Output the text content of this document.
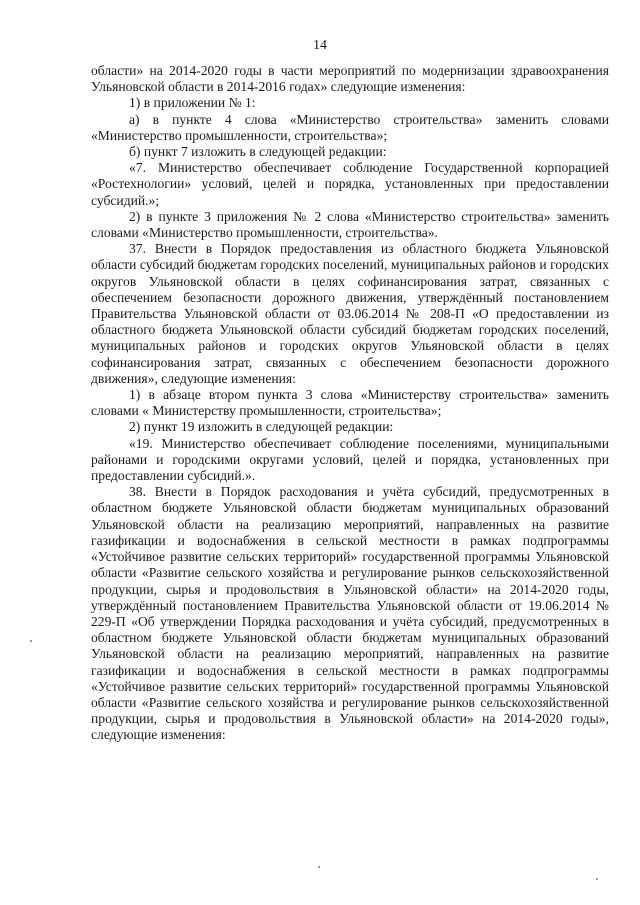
14

области» на 2014-2020 годы в части мероприятий по модернизации здравоохранения Ульяновской области в 2014-2016 годах» следующие изменения:

1) в приложении № 1:

а) в пункте 4 слова «Министерство строительства» заменить словами «Министерство промышленности, строительства»;

б) пункт 7 изложить в следующей редакции:

«7. Министерство обеспечивает соблюдение Государственной корпорацией «Ростехнологии» условий, целей и порядка, установленных при предоставлении субсидий.»;

2) в пункте 3 приложения № 2 слова «Министерство строительства» заменить словами «Министерство промышленности, строительства».

37. Внести в Порядок предоставления из областного бюджета Ульяновской области субсидий бюджетам городских поселений, муниципальных районов и городских округов Ульяновской области в целях софинансирования затрат, связанных с обеспечением безопасности дорожного движения, утверждённый постановлением Правительства Ульяновской области от 03.06.2014 № 208-П «О предоставлении из областного бюджета Ульяновской области субсидий бюджетам городских поселений, муниципальных районов и городских округов Ульяновской области в целях софинансирования затрат, связанных с обеспечением безопасности дорожного движения», следующие изменения:

1) в абзаце втором пункта 3 слова «Министерству строительства» заменить словами « Министерству промышленности, строительства»;

2) пункт 19 изложить в следующей редакции:

«19. Министерство обеспечивает соблюдение поселениями, муниципальными районами и городскими округами условий, целей и порядка, установленных при предоставлении субсидий.».

38. Внести в Порядок расходования и учёта субсидий, предусмотренных в областном бюджете Ульяновской области бюджетам муниципальных образований Ульяновской области на реализацию мероприятий, направленных на развитие газификации и водоснабжения в сельской местности в рамках подпрограммы «Устойчивое развитие сельских территорий» государственной программы Ульяновской области «Развитие сельского хозяйства и регулирование рынков сельскохозяйственной продукции, сырья и продовольствия в Ульяновской области» на 2014-2020 годы, утверждённый постановлением Правительства Ульяновской области от 19.06.2014 № 229-П «Об утверждении Порядка расходования и учёта субсидий, предусмотренных в областном бюджете Ульяновской области бюджетам муниципальных образований Ульяновской области на реализацию мероприятий, направленных на развитие газификации и водоснабжения в сельской местности в рамках подпрограммы «Устойчивое развитие сельских территорий» государственной программы Ульяновской области «Развитие сельского хозяйства и регулирование рынков сельскохозяйственной продукции, сырья и продовольствия в Ульяновской области» на 2014-2020 годы», следующие изменения:
